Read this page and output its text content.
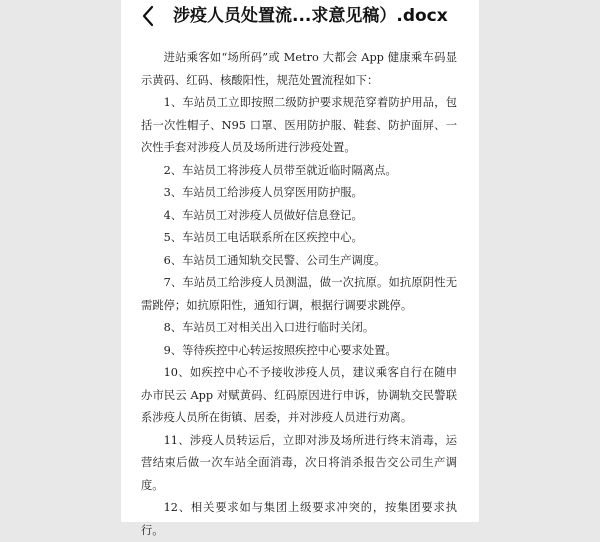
涉疫人员处置流...求意见稿）.docx

进站乘客如“场所码”或 Metro 大都会 App 健康乘车码显示黄码、红码、核酸阳性，规范处置流程如下：

1、车站员工立即按照二级防护要求规范穿着防护用品，包括一次性帽子、N95 口罩、医用防护服、鞋套、防护面屏、一次性手套对涉疫人员及场所进行涉疫处置。

2、车站员工将涉疫人员带至就近临时隔离点。

3、车站员工给涉疫人员穿医用防护服。

4、车站员工对涉疫人员做好信息登记。

5、车站员工电话联系所在区疾控中心。

6、车站员工通知轨交民警、公司生产调度。

7、车站员工给涉疫人员测温，做一次抗原。如抗原阴性无需跳停；如抗原阳性，通知行调，根据行调要求跳停。

8、车站员工对相关出入口进行临时关闭。

9、等待疾控中心转运按照疾控中心要求处置。

10、如疾控中心不予接收涉疫人员，建议乘客自行在随申办市民云 App 对赋黄码、红码原因进行申诉，协调轨交民警联系涉疫人员所在街镇、居委，并对涉疫人员进行劝离。

11、涉疫人员转运后，立即对涉及场所进行终末消毒，运营结束后做一次车站全面消毒，次日将消杀报告交公司生产调度。

12、相关要求如与集团上级要求冲突的，按集团要求执行。
